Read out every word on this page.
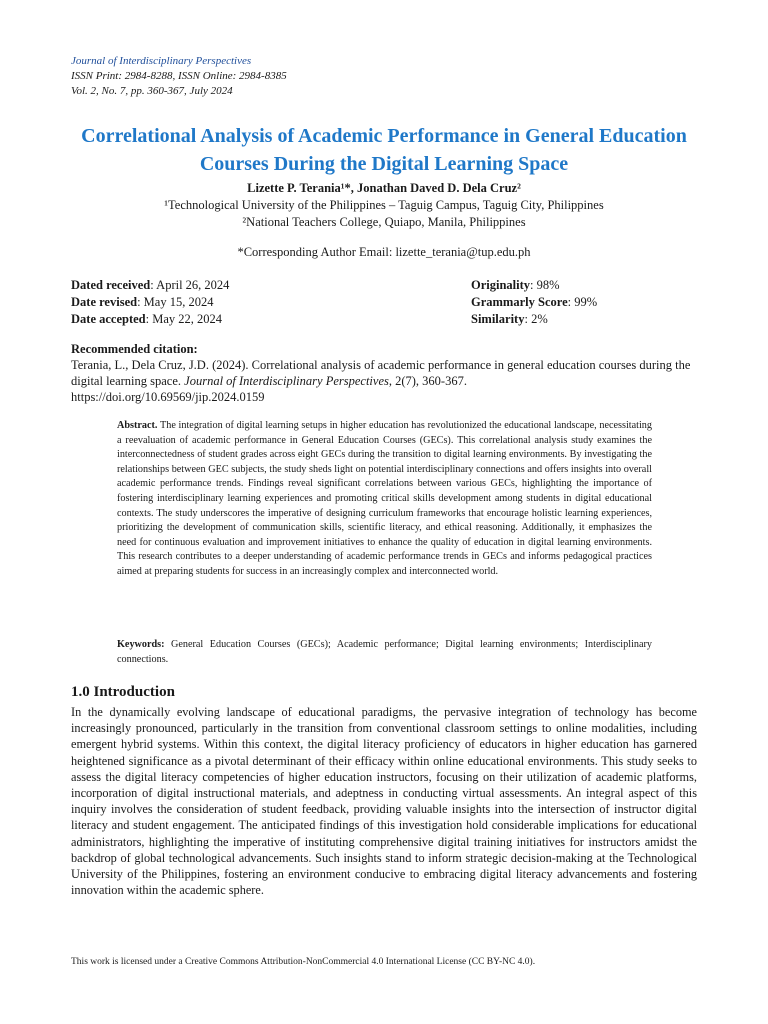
Journal of Interdisciplinary Perspectives
ISSN Print: 2984-8288, ISSN Online: 2984-8385
Vol. 2, No. 7, pp. 360-367, July 2024
Correlational Analysis of Academic Performance in General Education Courses During the Digital Learning Space
Lizette P. Terania¹*, Jonathan Daved D. Dela Cruz²
¹Technological University of the Philippines – Taguig Campus, Taguig City, Philippines
²National Teachers College, Quiapo, Manila, Philippines
*Corresponding Author Email: lizette_terania@tup.edu.ph
Dated received: April 26, 2024
Date revised: May 15, 2024
Date accepted: May 22, 2024
Originality: 98%
Grammarly Score: 99%
Similarity: 2%
Recommended citation:
Terania, L., Dela Cruz, J.D. (2024). Correlational analysis of academic performance in general education courses during the digital learning space. Journal of Interdisciplinary Perspectives, 2(7), 360-367.
https://doi.org/10.69569/jip.2024.0159

Abstract. The integration of digital learning setups in higher education has revolutionized the educational landscape, necessitating a reevaluation of academic performance in General Education Courses (GECs). This correlational analysis study examines the interconnectedness of student grades across eight GECs during the transition to digital learning environments. By investigating the relationships between GEC subjects, the study sheds light on potential interdisciplinary connections and offers insights into overall academic performance trends. Findings reveal significant correlations between various GECs, highlighting the importance of fostering interdisciplinary learning experiences and promoting critical skills development among students in digital educational contexts. The study underscores the imperative of designing curriculum frameworks that encourage holistic learning experiences, prioritizing the development of communication skills, scientific literacy, and ethical reasoning. Additionally, it emphasizes the need for continuous evaluation and improvement initiatives to enhance the quality of education in digital learning environments. This research contributes to a deeper understanding of academic performance trends in GECs and informs pedagogical practices aimed at preparing students for success in an increasingly complex and interconnected world.

Keywords: General Education Courses (GECs); Academic performance; Digital learning environments; Interdisciplinary connections.

1.0 Introduction

In the dynamically evolving landscape of educational paradigms, the pervasive integration of technology has become increasingly pronounced, particularly in the transition from conventional classroom settings to online modalities, including emergent hybrid systems. Within this context, the digital literacy proficiency of educators in higher education has garnered heightened significance as a pivotal determinant of their efficacy within online educational environments. This study seeks to assess the digital literacy competencies of higher education instructors, focusing on their utilization of academic platforms, incorporation of digital instructional materials, and adeptness in conducting virtual assessments. An integral aspect of this inquiry involves the consideration of student feedback, providing valuable insights into the intersection of instructor digital literacy and student engagement. The anticipated findings of this investigation hold considerable implications for educational administrators, highlighting the imperative of instituting comprehensive digital training initiatives for instructors amidst the backdrop of global technological advancements. Such insights stand to inform strategic decision-making at the Technological University of the Philippines, fostering an environment conducive to embracing digital literacy advancements and fostering innovation within the academic sphere.

This work is licensed under a Creative Commons Attribution-NonCommercial 4.0 International License (CC BY-NC 4.0).
